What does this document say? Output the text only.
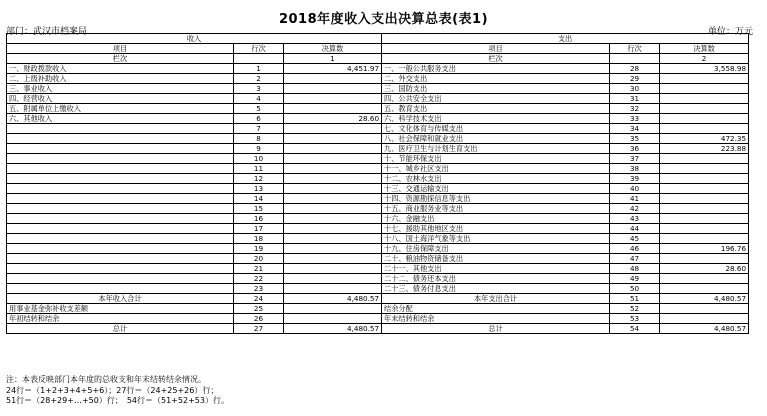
2018年度收入支出决算总表(表1)
部门：武汉市档案局	单位：万元
收入			支出		
项目	行次	决算数	项目	行次	决算数
栏次		1	栏次		2
一、财政拨款收入	1	4,451.97	一、一般公共服务支出	28	3,558.98
二、上级补助收入	2		二、外交支出	29	
三、事业收入	3		三、国防支出	30	
四、经营收入	4		四、公共安全支出	31	
五、附属单位上缴收入	5		五、教育支出	32	
六、其他收入	6	28.60	六、科学技术支出	33	
	7		七、文化体育与传媒支出	34	
	8		八、社会保障和就业支出	35	472.35
	9		九、医疗卫生与计划生育支出	36	223.88
	10		十、节能环保支出	37	
	11		十一、城乡社区支出	38	
	12		十二、农林水支出	39	
	13		十三、交通运输支出	40	
	14		十四、资源勘探信息等支出	41	
	15		十五、商业服务业等支出	42	
	16		十六、金融支出	43	
	17		十七、援助其他地区支出	44	
	18		十八、国土海洋气象等支出	45	
	19		十九、住房保障支出	46	196.76
	20		二十、粮油物资储备支出	47	
	21		二十一、其他支出	48	28.60
	22		二十二、债务还本支出	49	
	23		二十三、债务付息支出	50	
本年收入合计	24	4,480.57	本年支出合计	51	4,480.57
用事业基金弥补收支差额	25		结余分配	52	
年初结转和结余	26		年末结转和结余	53	
总计	27	4,480.57	总计	54	4,480.57
注：本表反映部门本年度的总收支和年末结转结余情况。
24行＝（1+2+3+4+5+6）；27行＝（24+25+26）行；
51行＝（28+29+…+50）行；　54行＝（51+52+53）行。
